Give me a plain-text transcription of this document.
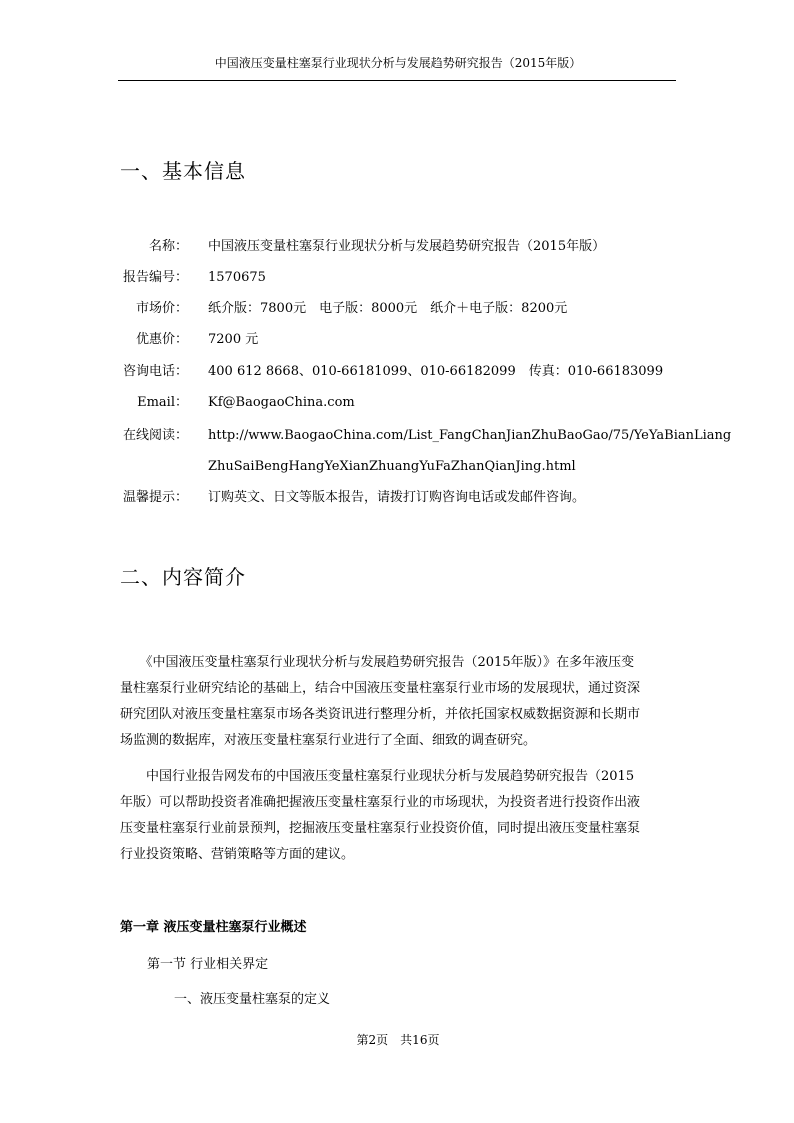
中国液压变量柱塞泵行业现状分析与发展趋势研究报告（2015年版）
一、基本信息
名称： 中国液压变量柱塞泵行业现状分析与发展趋势研究报告（2015年版）
报告编号： 1570675
市场价： 纸介版：7800元　电子版：8000元　纸介＋电子版：8200元
优惠价： 7200 元
咨询电话： 400 612 8668、010-66181099、010-66182099　传真：010-66183099
Email： Kf@BaogaoChina.com
在线阅读： http://www.BaogaoChina.com/List_FangChanJianZhuBaoGao/75/YeYaBianLiang
ZhuSaiBengHangYeXianZhuangYuFaZhanQianJing.html
温馨提示： 订购英文、日文等版本报告，请拨打订购咨询电话或发邮件咨询。
二、内容简介
　　《中国液压变量柱塞泵行业现状分析与发展趋势研究报告（2015年版）》在多年液压变
量柱塞泵行业研究结论的基础上，结合中国液压变量柱塞泵行业市场的发展现状，通过资深
研究团队对液压变量柱塞泵市场各类资讯进行整理分析，并依托国家权威数据资源和长期市
场监测的数据库，对液压变量柱塞泵行业进行了全面、细致的调查研究。
　　中国行业报告网发布的中国液压变量柱塞泵行业现状分析与发展趋势研究报告（2015
年版）可以帮助投资者准确把握液压变量柱塞泵行业的市场现状，为投资者进行投资作出液
压变量柱塞泵行业前景预判，挖掘液压变量柱塞泵行业投资价值，同时提出液压变量柱塞泵
行业投资策略、营销策略等方面的建议。
第一章 液压变量柱塞泵行业概述
第一节 行业相关界定
一、液压变量柱塞泵的定义
第2页　共16页
